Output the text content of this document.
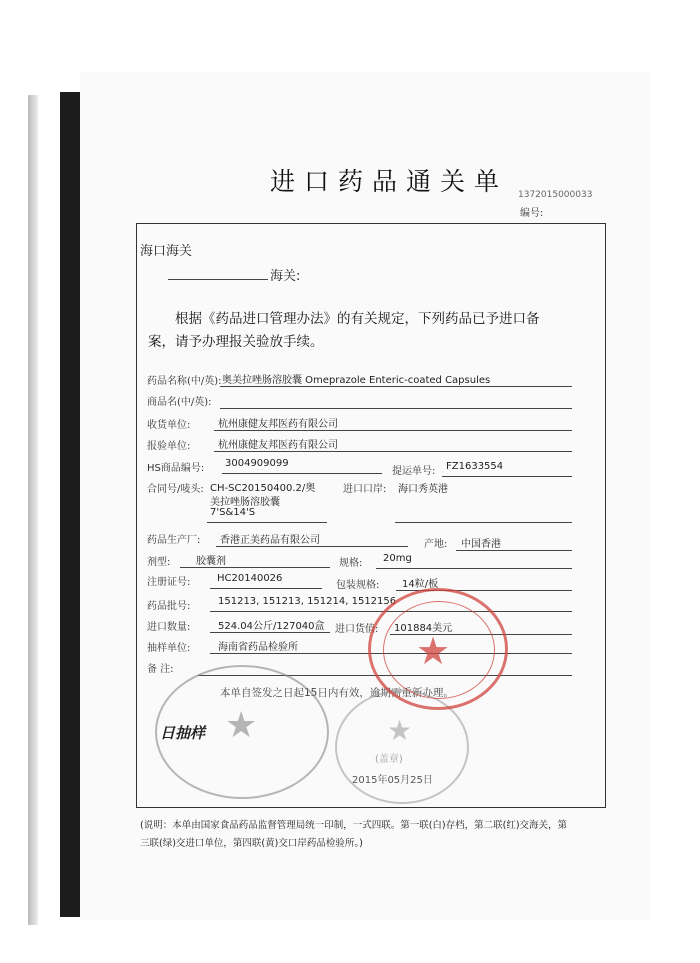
进口药品通关单 1372015000033
编号:
海口海关
海关:
根据《药品进口管理办法》的有关规定，下列药品已予进口备
案，请予办理报关验放手续。
药品名称(中/英): 奥美拉唑肠溶胶囊 Omeprazole Enteric-coated Capsules
商品名(中/英):
收货单位:	杭州康健友邦医药有限公司
报验单位:	杭州康健友邦医药有限公司
HS商品编号: 3004909099
提运单号: FZ1633554
合同号/唛头: CH-SC20150400.2/奥
美拉唑肠溶胶囊
7'S&14'S
进口口岸: 海口秀英港
药品生产厂: 香港正美药品有限公司	产地: 中国香港
剂型:	胶囊剂	规格: 20mg
注册证号:	HC20140026
包装规格: 14粒/板
药品批号:	151213, 151213, 151214, 1512156
进口数量:	524.04公斤/127040盒 进口货值: 101884美元
抽样单位:	海南省药品检验所
备 注:
本单自签发之日起15日内有效，逾期需重新办理。
★	★
(盖章)
★
日抽样
2015年05月25日
(说明：本单由国家食品药品监督管理局统一印制，一式四联。第一联(白)存档，第二联(红)交海关，第
三联(绿)交进口单位，第四联(黄)交口岸药品检验所。)
